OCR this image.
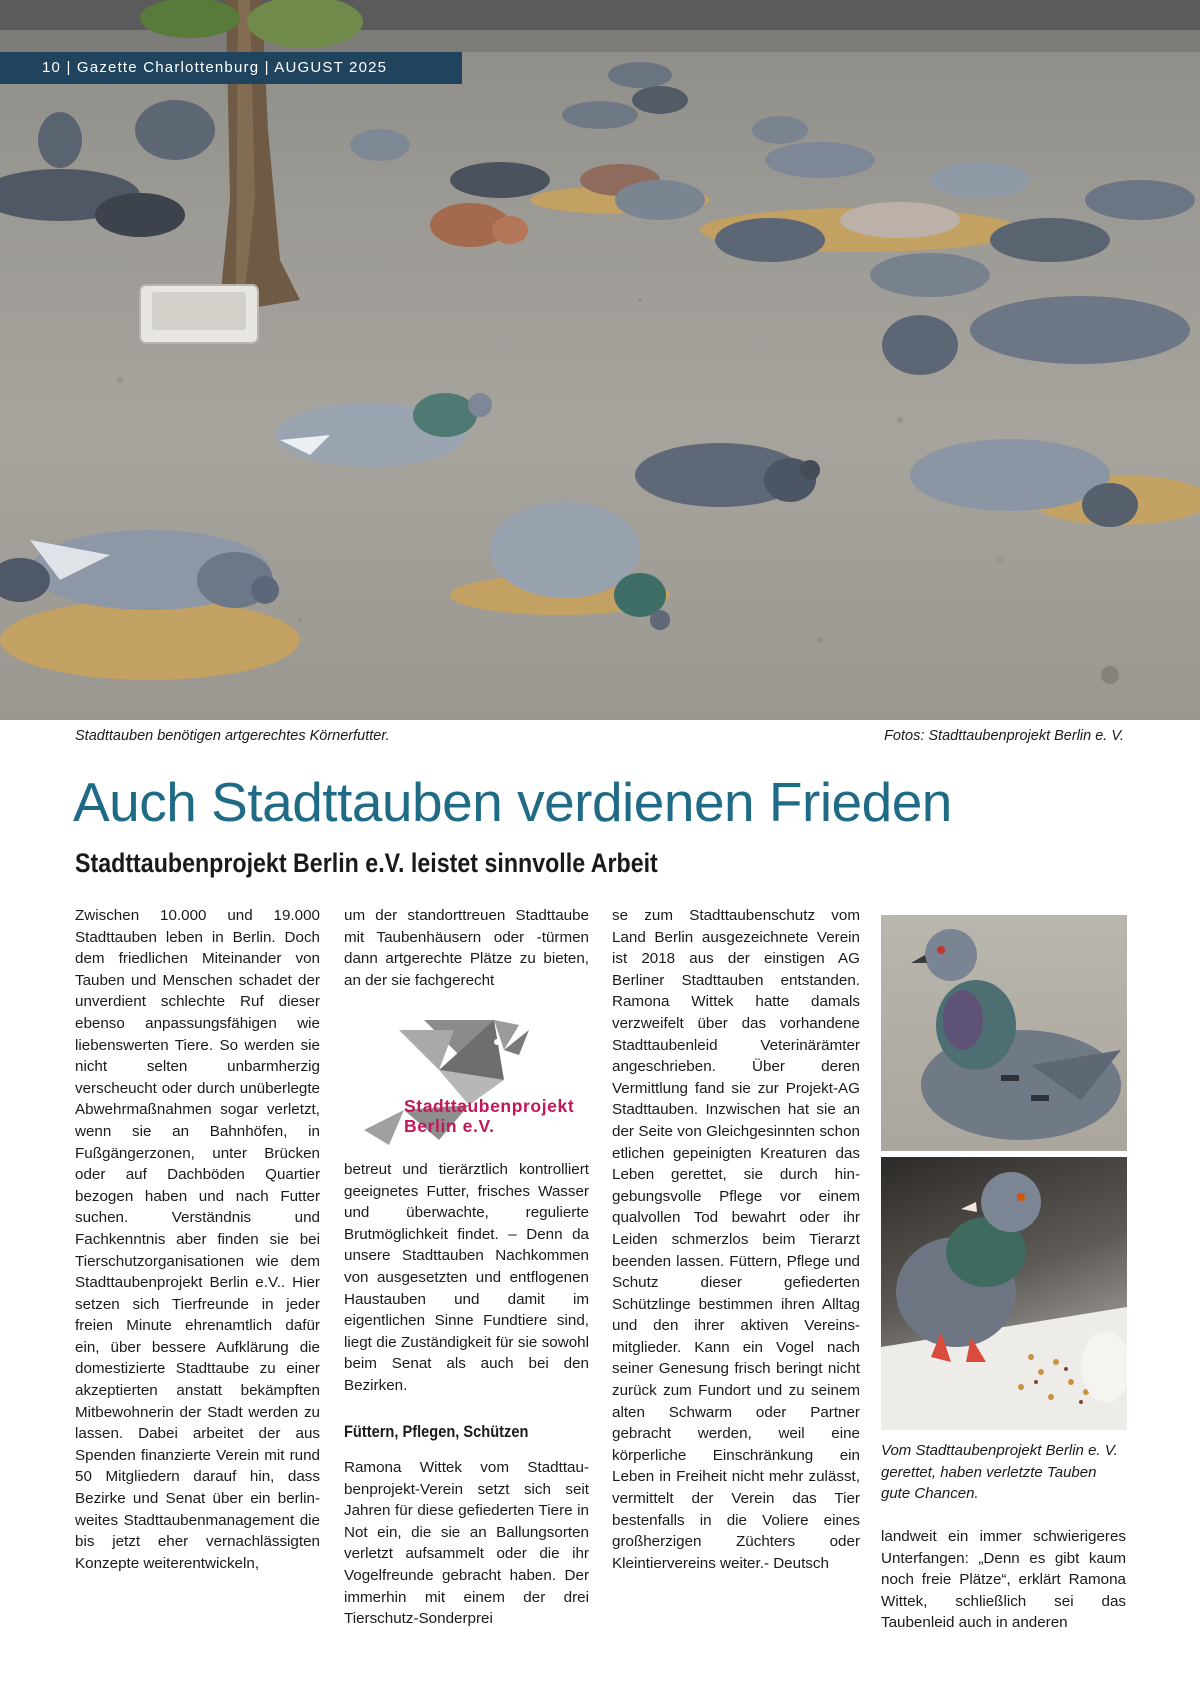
10 | Gazette Charlottenburg | AUGUST 2025
Stadttauben benötigen artgerechtes Körnerfutter.	Fotos: Stadttaubenprojekt Berlin e. V.
Auch Stadttauben verdienen Frieden
Stadttaubenprojekt Berlin e.V. leistet sinnvolle Arbeit

Zwischen 10.000 und 19.000 Stadttauben leben in Berlin. Doch dem friedlichen Miteinander von Tauben und Menschen schadet der unverdient schlechte Ruf dieser ebenso anpassungsfähigen wie liebenswerten Tiere. So werden sie nicht selten unbarmherzig verscheucht oder durch unüberlegte Abwehrmaßnahmen sogar verletzt, wenn sie an Bahnhöfen, in Fußgängerzonen, unter Brücken oder auf Dachböden Quartier bezogen haben und nach Futter suchen. Verständnis und Fachkenntnis aber finden sie bei Tierschutzorganisationen wie dem Stadttaubenprojekt Berlin e.V.. Hier setzen sich Tierfreunde in jeder freien Minute ehrenamtlich dafür ein, über bessere Aufklärung die domestizierte Stadttaube zu einer akzeptierten anstatt bekämpften Mitbewohnerin der Stadt werden zu lassen. Dabei arbeitet der aus Spenden finanzierte Verein mit rund 50 Mitgliedern darauf hin, dass Bezirke und Senat über ein berlinweites Stadttaubenmanagement die bis jetzt eher vernachlässigten Konzepte weiterentwickeln,

um der standorttreuen Stadttaube mit Taubenhäusern oder -türmen dann artgerechte Plätze zu bieten, an der sie fachgerecht

Stadttaubenprojekt
Berlin e.V.

betreut und tierärztlich kontrolliert geeignetes Futter, frisches Wasser und überwachte, regulierte Brutmöglichkeit findet. – Denn da unsere Stadttauben Nachkommen von ausgesetzten und entflogenen Haustauben und damit im eigentlichen Sinne Fundtiere sind, liegt die Zuständigkeit für sie sowohl beim Senat als auch bei den Bezirken.

Füttern, Pflegen, Schützen

Ramona Wittek vom Stadttaubenprojekt-Verein setzt sich seit Jahren für diese gefiederten Tiere in Not ein, die sie an Ballungsorten verletzt aufsammelt oder die ihr Vogelfreunde gebracht haben. Der immerhin mit einem der drei Tierschutz-Sonderprei

se zum Stadttaubenschutz vom Land Berlin ausgezeichnete Verein ist 2018 aus der einstigen AG Berliner Stadttauben entstanden. Ramona Wittek hatte damals verzweifelt über das vorhandene Stadttaubenleid Veterinärämter angeschrieben. Über deren Vermittlung fand sie zur Projekt-AG Stadttauben. Inzwischen hat sie an der Seite von Gleichgesinnten schon etlichen gepeinigten Kreaturen das Leben gerettet, sie durch hingebungsvolle Pflege vor einem qualvollen Tod bewahrt oder ihr Leiden schmerzlos beim Tierarzt beenden lassen. Füttern, Pflege und Schutz dieser gefiederten Schützlinge bestimmen ihren Alltag und den ihrer aktiven Vereinsmitglieder. Kann ein Vogel nach seiner Genesung frisch beringt nicht zurück zum Fundort und zu seinem alten Schwarm oder Partner gebracht werden, weil eine körperliche Einschränkung ein Leben in Freiheit nicht mehr zulässt, vermittelt der Verein das Tier bestenfalls in die Voliere eines großherzigen Züchters oder Kleintiervereins weiter.- Deutsch

Vom Stadttaubenprojekt Berlin e. V. gerettet, haben verletzte Tauben gute Chancen.

landweit ein immer schwierigeres Unterfangen: „Denn es gibt kaum noch freie Plätze“, erklärt Ramona Wittek, schließlich sei das Taubenleid auch in anderen
